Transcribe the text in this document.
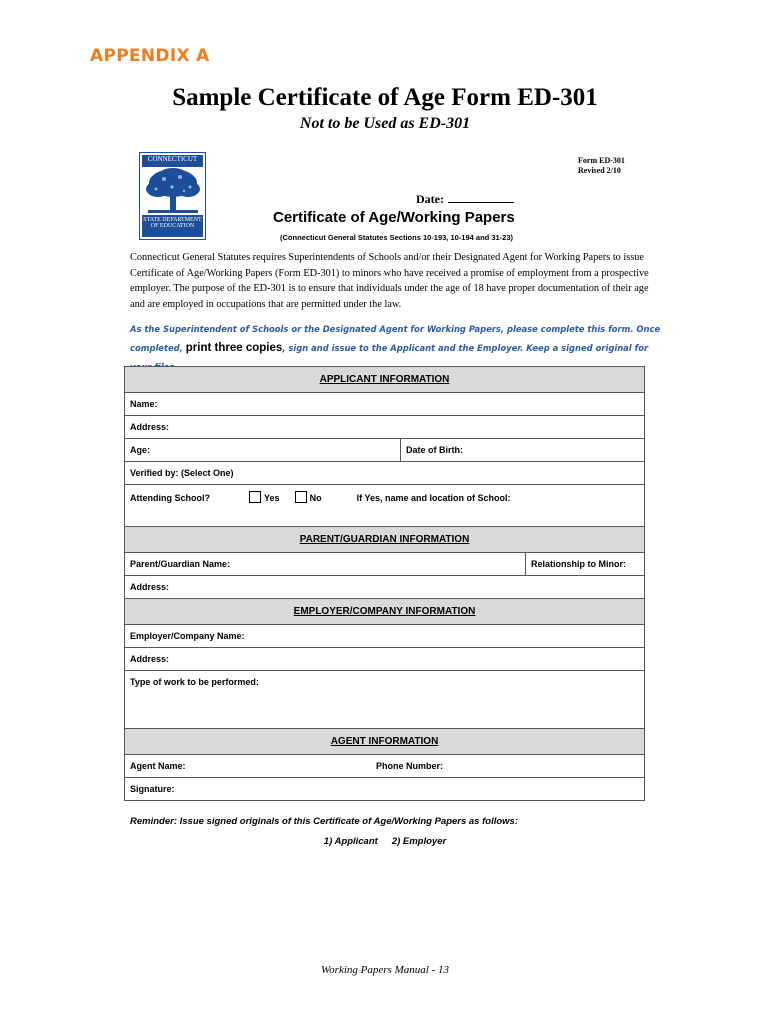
APPENDIX A
Sample Certificate of Age Form ED-301
Not to be Used as ED-301
CONNECTICUT
STATE DEPARTMENT
OF EDUCATION
Form ED-301
Revised 2/10
Date:
Certificate of Age/Working Papers
(Connecticut General Statutes Sections 10-193, 10-194 and 31-23)

Connecticut General Statutes requires Superintendents of Schools and/or their Designated Agent for Working Papers to issue Certificate of Age/Working Papers (Form ED-301) to minors who have received a promise of employment from a prospective employer. The purpose of the ED-301 is to ensure that individuals under the age of 18 have proper documentation of their age and are employed in occupations that are permitted under the law.

As the Superintendent of Schools or the Designated Agent for Working Papers, please complete this form. Once completed, print three copies, sign and issue to the Applicant and the Employer. Keep a signed original for

APPLICANT INFORMATION		
Name:		
Address:		
Age:	Date of Birth:	
Verified by: (Select One)		
Attending School? Yes No If Yes, name and location of School:		
PARENT/GUARDIAN INFORMATION		
Parent/Guardian Name:		Relationship to Minor:
Address:		
EMPLOYER/COMPANY INFORMATION		
Employer/Company Name:		
Address:		
Type of work to be performed:		
AGENT INFORMATION		
Agent Name: Phone Number:		
Signature:		
Reminder: Issue signed originals of this Certificate of Age/Working Papers as follows:
1) Applicant 2) Employer
Working Papers Manual - 13
